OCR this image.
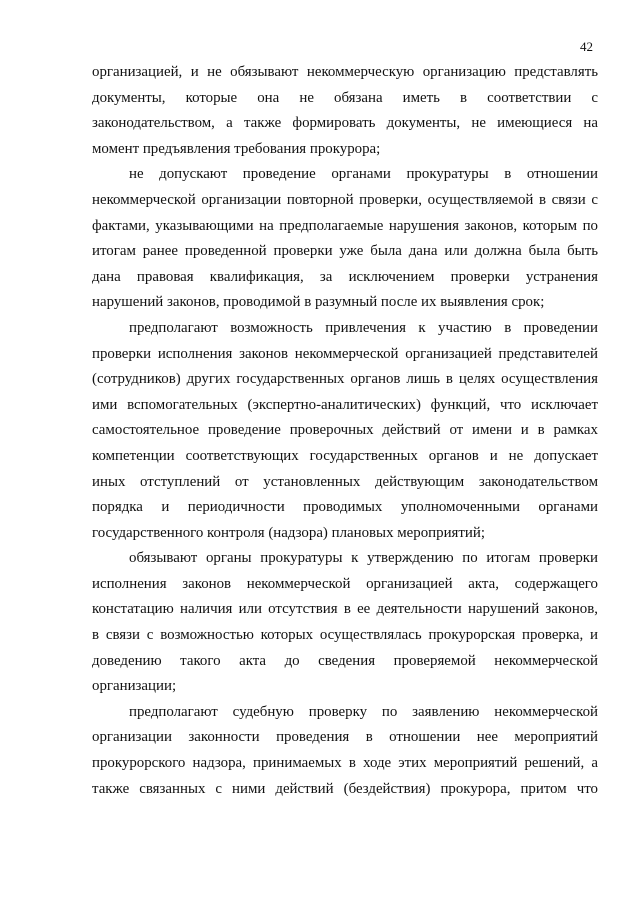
42
организацией, и не обязывают некоммерческую организацию представлять
документы, которые она не обязана иметь в соответствии с
законодательством, а также формировать документы, не имеющиеся на
момент предъявления требования прокурора;
не допускают проведение органами прокуратуры в отношении
некоммерческой организации повторной проверки, осуществляемой в связи с
фактами, указывающими на предполагаемые нарушения законов, которым по
итогам ранее проведенной проверки уже была дана или должна была быть
дана правовая квалификация, за исключением проверки устранения
нарушений законов, проводимой в разумный после их выявления срок;
предполагают возможность привлечения к участию в проведении
проверки исполнения законов некоммерческой организацией представителей
(сотрудников) других государственных органов лишь в целях осуществления
ими вспомогательных (экспертно-аналитических) функций, что исключает
самостоятельное проведение проверочных действий от имени и в рамках
компетенции соответствующих государственных органов и не допускает
иных отступлений от установленных действующим законодательством
порядка и периодичности проводимых уполномоченными органами
государственного контроля (надзора) плановых мероприятий;
обязывают органы прокуратуры к утверждению по итогам проверки
исполнения законов некоммерческой организацией акта, содержащего
констатацию наличия или отсутствия в ее деятельности нарушений законов,
в связи с возможностью которых осуществлялась прокурорская проверка, и
доведению такого акта до сведения проверяемой некоммерческой
организации;
предполагают судебную проверку по заявлению некоммерческой
организации законности проведения в отношении нее мероприятий
прокурорского надзора, принимаемых в ходе этих мероприятий решений, а
также связанных с ними действий (бездействия) прокурора, притом что
